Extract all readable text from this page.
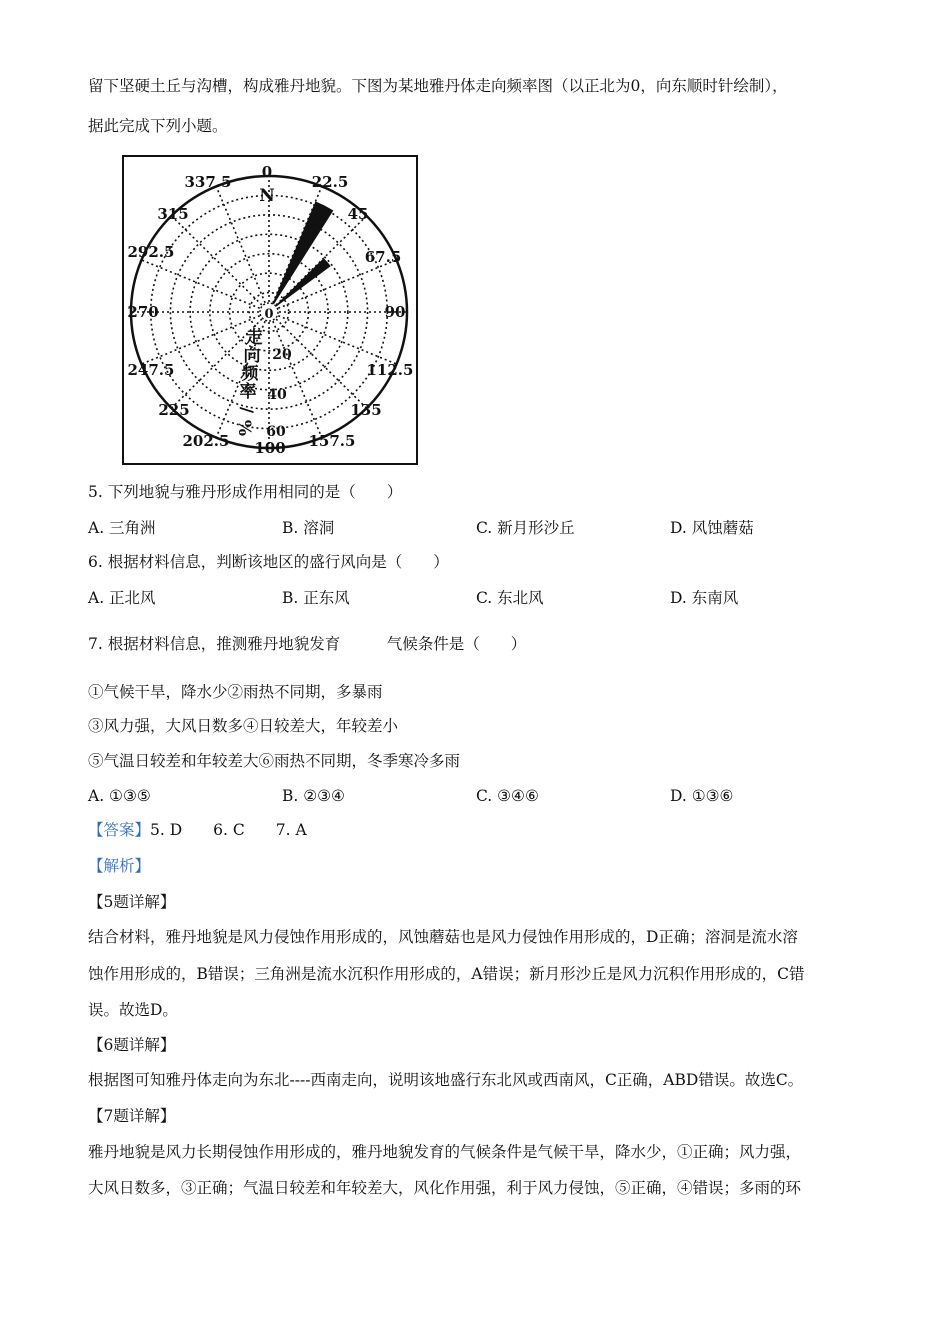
留下坚硬土丘与沟槽，构成雅丹地貌。下图为某地雅丹体走向频率图（以正北为0，向东顺时针绘制），
据此完成下列小题。
0
22.5
45
67.5
90
112.5
135
157.5
100
202.5
225
247.5
270
292.5
315
337.5
N
0
20
40
60
走
向
频
率
/
%
5. 下列地貌与雅丹形成作用相同的是（　　）
A. 三角洲	B. 溶洞	C. 新月形沙丘	D. 风蚀蘑菇
6. 根据材料信息，判断该地区的盛行风向是（　　）
A. 正北风	B. 正东风	C. 东北风	D. 东南风
7. 根据材料信息，推测雅丹地貌发育　　　气候条件是（　　）
①气候干旱，降水少②雨热不同期，多暴雨
③风力强，大风日数多④日较差大，年较差小
⑤气温日较差和年较差大⑥雨热不同期，冬季寒冷多雨
A. ①③⑤	B. ②③④	C. ③④⑥	D. ①③⑥
【答案】5. D　　6. C　　7. A
【解析】
【5题详解】
结合材料，雅丹地貌是风力侵蚀作用形成的，风蚀蘑菇也是风力侵蚀作用形成的，D正确；溶洞是流水溶
蚀作用形成的，B错误；三角洲是流水沉积作用形成的，A错误；新月形沙丘是风力沉积作用形成的，C错
误。故选D。
【6题详解】
根据图可知雅丹体走向为东北----西南走向，说明该地盛行东北风或西南风，C正确，ABD错误。故选C。
【7题详解】
雅丹地貌是风力长期侵蚀作用形成的，雅丹地貌发育的气候条件是气候干旱，降水少，①正确；风力强，
大风日数多，③正确；气温日较差和年较差大，风化作用强，利于风力侵蚀，⑤正确，④错误；多雨的环
